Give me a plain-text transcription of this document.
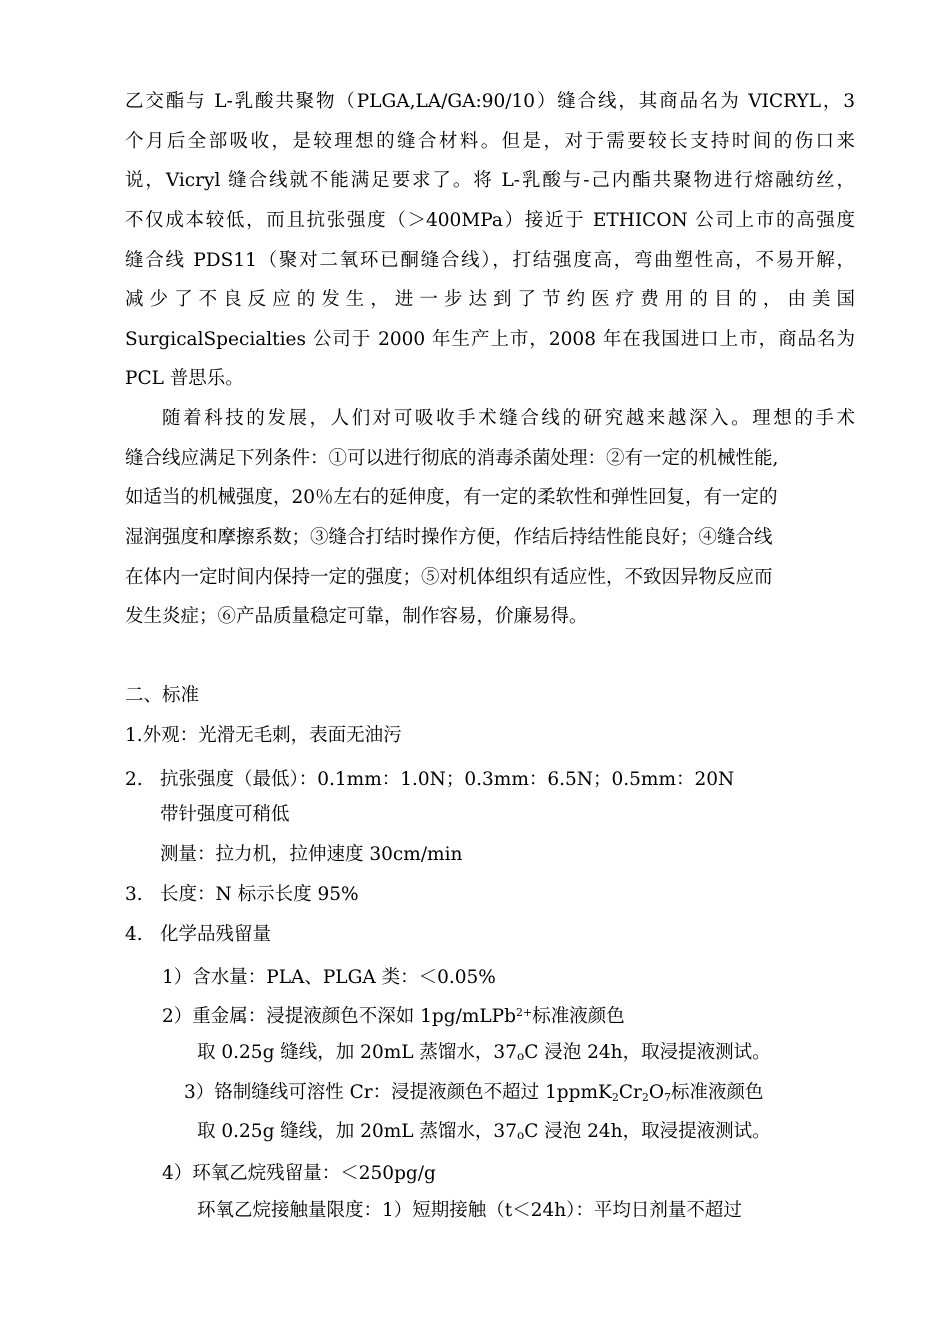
乙交酯与 L-乳酸共聚物（PLGA,LA/GA:90/10）缝合线，其商品名为 VICRYL，3
个月后全部吸收，是较理想的缝合材料。但是，对于需要较长支持时间的伤口来
说，Vicryl 缝合线就不能满足要求了。将 L-乳酸与-己内酯共聚物进行熔融纺丝，
不仅成本较低，而且抗张强度（＞400MPa）接近于 ETHICON 公司上市的高强度
缝合线 PDS11（聚对二氧环已酮缝合线），打结强度高，弯曲塑性高，不易开解，
减少了不良反应的发生，进一步达到了节约医疗费用的目的，由美国
SurgicalSpecialties 公司于 2000 年生产上市，2008 年在我国进口上市，商品名为
PCL 普思乐。
随着科技的发展，人们对可吸收手术缝合线的研究越来越深入。理想的手术
缝合线应满足下列条件：①可以进行彻底的消毒杀菌处理：②有一定的机械性能,
如适当的机械强度，20％左右的延伸度，有一定的柔软性和弹性回复，有一定的
湿润强度和摩擦系数；③缝合打结时操作方便，作结后持结性能良好；④缝合线
在体内一定时间内保持一定的强度；⑤对机体组织有适应性，不致因异物反应而
发生炎症；⑥产品质量稳定可靠，制作容易，价廉易得。
二、标准
1.外观：光滑无毛刺，表面无油污
2. 抗张强度（最低）：0.1mm：1.0N；0.3mm：6.5N；0.5mm：20N
带针强度可稍低
测量：拉力机，拉伸速度 30cm/min
3. 长度：N 标示长度 95%
4. 化学品残留量
1）含水量：PLA、PLGA 类：＜0.05%
2）重金属：浸提液颜色不深如 1pg/mLPb$^{2+}$标准液颜色
取 0.25g 缝线，加 20mL 蒸馏水，37oC 浸泡 24h，取浸提液测试。
3）铬制缝线可溶性 Cr：浸提液颜色不超过 $1ppmK_2Cr_2O_7$标准液颜色
取 0.25g 缝线，加 20mL 蒸馏水，37oC 浸泡 24h，取浸提液测试。
4）环氧乙烷残留量：＜250pg/g
环氧乙烷接触量限度：1）短期接触（t＜24h）：平均日剂量不超过
